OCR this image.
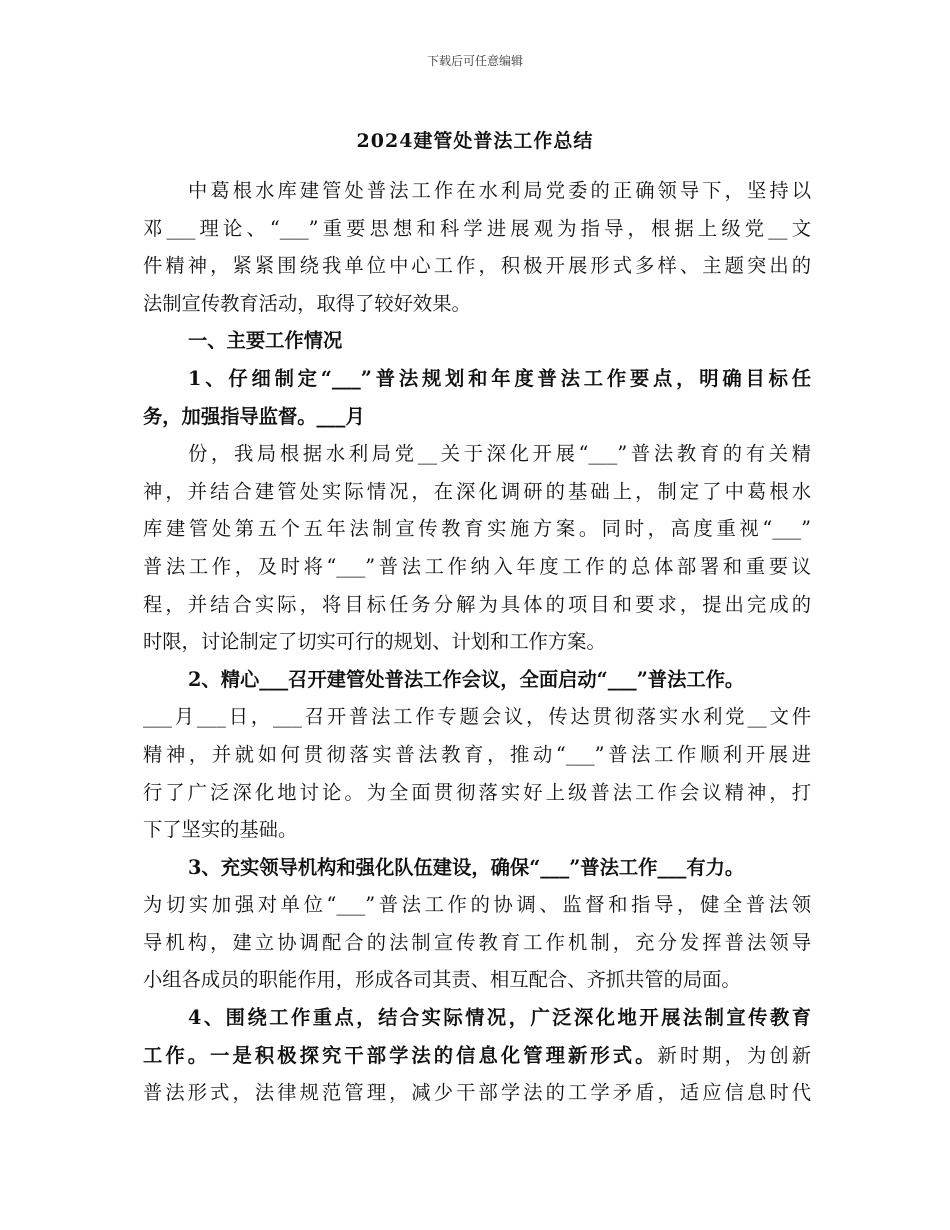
下载后可任意编辑
2024建管处普法工作总结
中葛根水库建管处普法工作在水利局党委的正确领导下，坚持以
邓___理论、“___”重要思想和科学进展观为指导，根据上级党__文
件精神，紧紧围绕我单位中心工作，积极开展形式多样、主题突出的
法制宣传教育活动，取得了较好效果。
一、主要工作情况
1、仔细制定“___”普法规划和年度普法工作要点，明确目标任
务，加强指导监督。___月
份，我局根据水利局党__关于深化开展“___”普法教育的有关精
神，并结合建管处实际情况，在深化调研的基础上，制定了中葛根水
库建管处第五个五年法制宣传教育实施方案。同时，高度重视“___”
普法工作，及时将“___”普法工作纳入年度工作的总体部署和重要议
程，并结合实际，将目标任务分解为具体的项目和要求，提出完成的
时限，讨论制定了切实可行的规划、计划和工作方案。
2、精心___召开建管处普法工作会议，全面启动“___”普法工作。
___月___日，___召开普法工作专题会议，传达贯彻落实水利党__文件
精神，并就如何贯彻落实普法教育，推动“___”普法工作顺利开展进
行了广泛深化地讨论。为全面贯彻落实好上级普法工作会议精神，打
下了坚实的基础。
3、充实领导机构和强化队伍建设，确保“___”普法工作___有力。
为切实加强对单位“___”普法工作的协调、监督和指导，健全普法领
导机构，建立协调配合的法制宣传教育工作机制，充分发挥普法领导
小组各成员的职能作用，形成各司其责、相互配合、齐抓共管的局面。
4、围绕工作重点，结合实际情况，广泛深化地开展法制宣传教育
工作。一是积极探究干部学法的信息化管理新形式。新时期，为创新
普法形式，法律规范管理，减少干部学法的工学矛盾，适应信息时代
